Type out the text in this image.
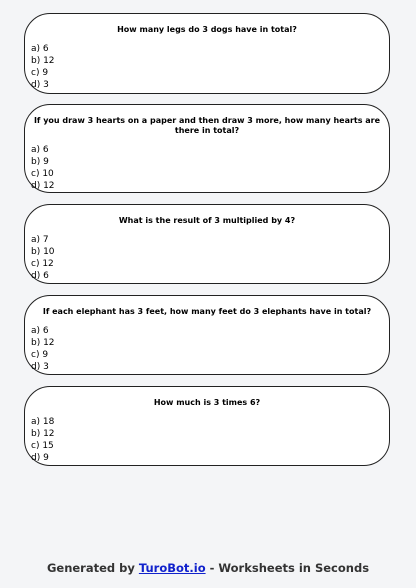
How many legs do 3 dogs have in total?
a) 6
b) 12
c) 9
d) 3
If you draw 3 hearts on a paper and then draw 3 more, how many hearts are there in total?
a) 6
b) 9
c) 10
d) 12
What is the result of 3 multiplied by 4?
a) 7
b) 10
c) 12
d) 6
If each elephant has 3 feet, how many feet do 3 elephants have in total?
a) 6
b) 12
c) 9
d) 3
How much is 3 times 6?
a) 18
b) 12
c) 15
d) 9
Generated by TuroBot.io - Worksheets in Seconds
